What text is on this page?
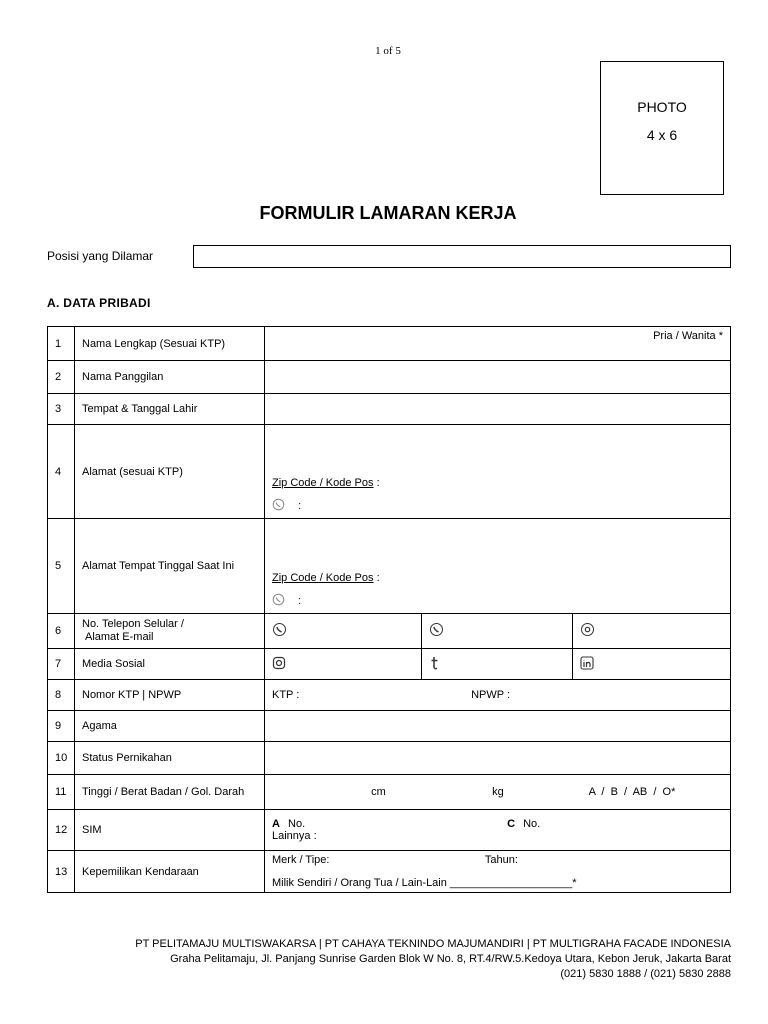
1 of 5
PHOTO
4 x 6
FORMULIR LAMARAN KERJA
Posisi yang Dilamar
A. DATA PRIBADI
1	Nama Lengkap (Sesuai KTP)	Pria / Wanita *

2	Nama Panggilan	
3	Tempat & Tanggal Lahir	
4	Alamat (sesuai KTP)	Zip Code / Kode Pos :
:

5	Alamat Tempat Tinggal Saat Ini	Zip Code / Kode Pos :
:

6	No. Telepon Selular /
Alamat E-mail

7	Media Sosial	

8	Nomor KTP | NPWP	KTP : NPWP :
9	Agama	
10	Status Pernikahan	
11	Tinggi / Berat Badan / Gol. Darah	cm kg A  /  B  /  AB  /  O*
12	SIM	A No. C No.
Lainnya :

13	Kepemilikan Kendaraan	Merk / Tipe: Tahun:
Milik Sendiri / Orang Tua / Lain-Lain ____________________*
PT PELITAMAJU MULTISWAKARSA | PT CAHAYA TEKNINDO MAJUMANDIRI | PT MULTIGRAHA FACADE INDONESIA
Graha Pelitamaju, Jl. Panjang Sunrise Garden Blok W No. 8, RT.4/RW.5.Kedoya Utara, Kebon Jeruk, Jakarta Barat
(021) 5830 1888 / (021) 5830 2888
